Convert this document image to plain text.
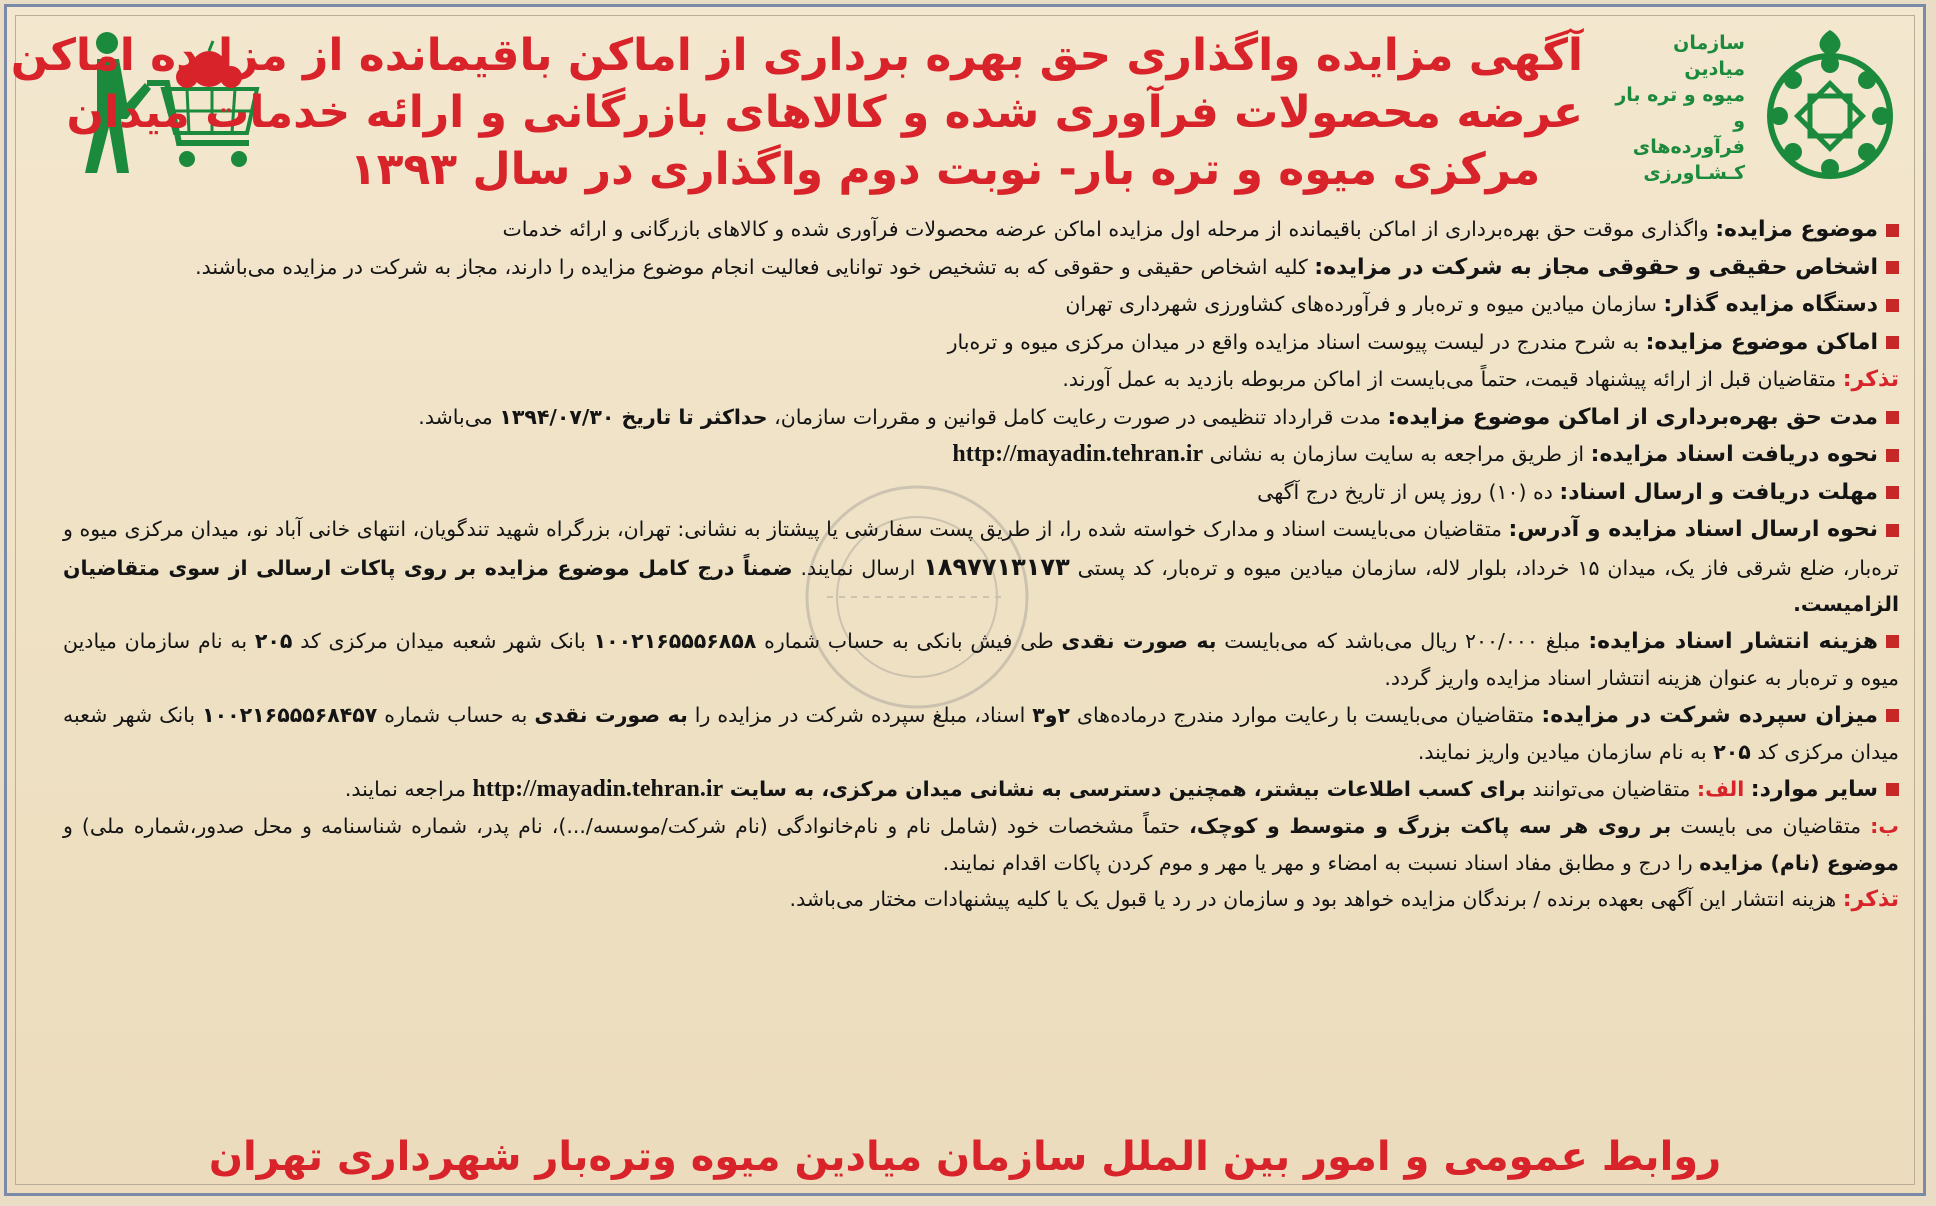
سازمان میادین
میوه و تره بار
و فرآورده‌های
کـشـاورزی
آگهی مزایده واگذاری حق بهره برداری از اماکن باقیمانده از مزایده اماکن
عرضه محصولات فرآوری شده و کالاهای بازرگانی و ارائه خدمات میدان
مرکزی میوه و تره بار- نوبت دوم واگذاری در سال ۱۳۹۳

موضوع مزایده: واگذاری موقت حق بهره‌برداری از اماکن باقیمانده از مرحله اول مزایده اماکن عرضه محصولات فرآوری شده و کالاهای بازرگانی و ارائه خدمات

اشخاص حقیقی و حقوقی مجاز به شرکت در مزایده: کلیه اشخاص حقیقی و حقوقی که به تشخیص خود توانایی فعالیت انجام موضوع مزایده را دارند، مجاز به شرکت در مزایده می‌باشند.

دستگاه مزایده گذار: سازمان میادین میوه و تره‌بار و فرآورده‌های کشاورزی شهرداری تهران

اماکن موضوع مزایده: به شرح مندرج در لیست پیوست اسناد مزایده واقع در میدان مرکزی میوه و تره‌بار

تذکر: متقاضیان قبل از ارائه پیشنهاد قیمت، حتماً می‌بایست از اماکن مربوطه بازدید به عمل آورند.

مدت حق بهره‌برداری از اماکن موضوع مزایده: مدت قرارداد تنظیمی در صورت رعایت کامل قوانین و مقررات سازمان، حداکثر تا تاریخ ۱۳۹۴/۰۷/۳۰ می‌باشد.

نحوه دریافت اسناد مزایده: از طریق مراجعه به سایت سازمان به نشانی http://mayadin.tehran.ir

مهلت دریافت و ارسال اسناد: ده (۱۰) روز پس از تاریخ درج آگهی

نحوه ارسال اسناد مزایده و آدرس: متقاضیان می‌بایست اسناد و مدارک خواسته شده را، از طریق پست سفارشی یا پیشتاز به نشانی: تهران، بزرگراه شهید تندگویان، انتهای خانی آباد نو، میدان مرکزی میوه و تره‌بار، ضلع شرقی فاز یک، میدان ۱۵ خرداد، بلوار لاله، سازمان میادین میوه و تره‌بار، کد پستی ۱۸۹۷۷۱۳۱۷۳ ارسال نمایند. ضمناً درج کامل موضوع مزایده بر روی پاکات ارسالی از سوی متقاضیان الزامیست.

هزینه انتشار اسناد مزایده: مبلغ ۲۰۰/۰۰۰ ریال می‌باشد که می‌بایست به صورت نقدی طی فیش بانکی به حساب شماره ۱۰۰۲۱۶۵۵۵۶۸۵۸ بانک شهر شعبه میدان مرکزی کد ۲۰۵ به نام سازمان میادین میوه و تره‌بار به عنوان هزینه انتشار اسناد مزایده واریز گردد.

میزان سپرده شرکت در مزایده: متقاضیان می‌بایست با رعایت موارد مندرج درماده‌های ۲و۳ اسناد، مبلغ سپرده شرکت در مزایده را به صورت نقدی به حساب شماره ۱۰۰۲۱۶۵۵۵۶۸۴۵۷ بانک شهر شعبه میدان مرکزی کد ۲۰۵ به نام سازمان میادین واریز نمایند.

سایر موارد: الف: متقاضیان می‌توانند برای کسب اطلاعات بیشتر، همچنین دسترسی به نشانی میدان مرکزی، به سایت http://mayadin.tehran.ir مراجعه نمایند.

ب: متقاضیان می بایست بر روی هر سه پاکت بزرگ و متوسط و کوچک، حتماً مشخصات خود (شامل نام و نام‌خانوادگی (نام شرکت/موسسه/...)، نام پدر، شماره شناسنامه و محل صدور،شماره ملی) و موضوع (نام) مزایده را درج و مطابق مفاد اسناد نسبت به امضاء و مهر یا مهر و موم کردن پاکات اقدام نمایند.

تذکر: هزینه انتشار این آگهی بعهده برنده / برندگان مزایده خواهد بود و سازمان در رد یا قبول یک یا کلیه پیشنهادات مختار می‌باشد.

روابط عمومی و امور بین الملل سازمان میادین میوه وتره‌بار شهرداری تهران
